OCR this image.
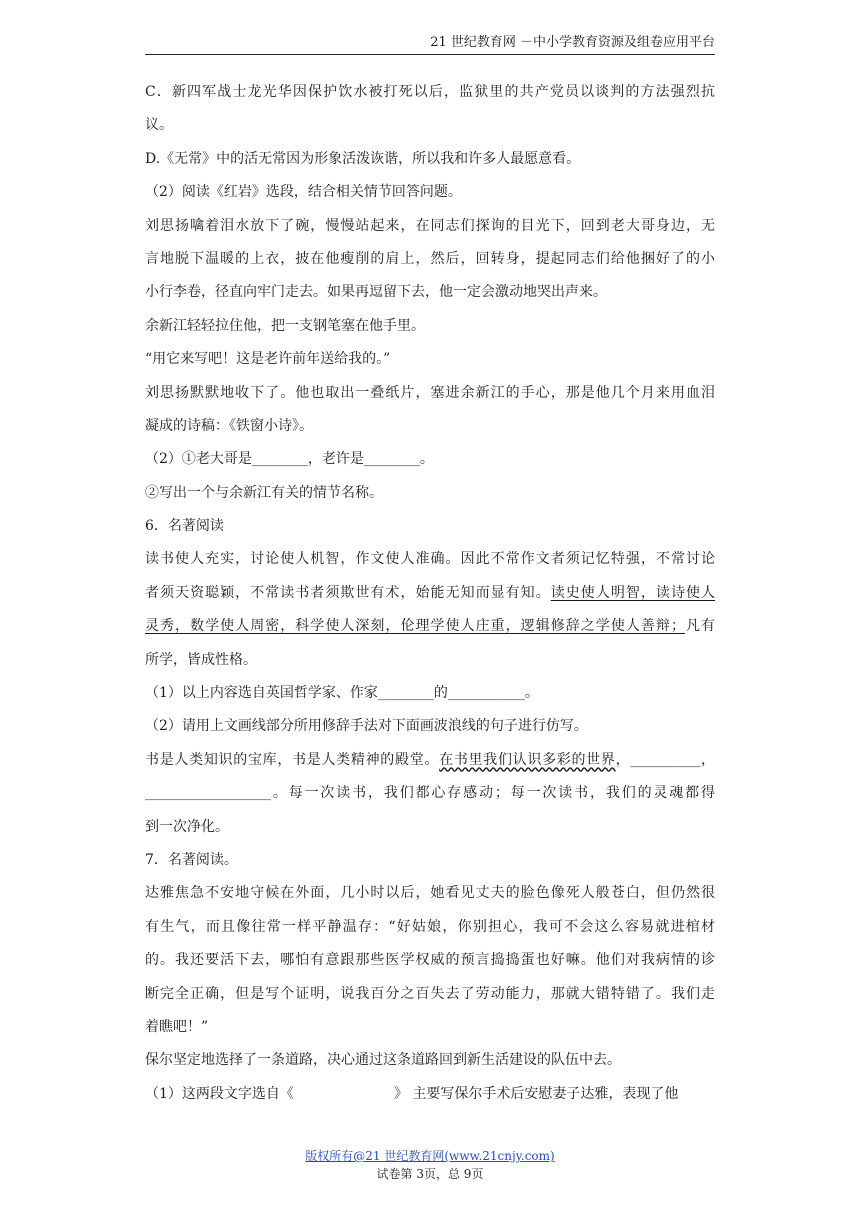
21 世纪教育网 －中小学教育资源及组卷应用平台
C．新四军战士龙光华因保护饮水被打死以后，监狱里的共产党员以谈判的方法强烈抗
议。
D.《无常》中的活无常因为形象活泼诙谐，所以我和许多人最愿意看。
（2）阅读《红岩》选段，结合相关情节回答问题。
刘思扬噙着泪水放下了碗，慢慢站起来，在同志们探询的目光下，回到老大哥身边，无
言地脱下温暖的上衣，披在他瘦削的肩上，然后，回转身，提起同志们给他捆好了的小
小行李卷，径直向牢门走去。如果再逗留下去，他一定会激动地哭出声来。
余新江轻轻拉住他，把一支钢笔塞在他手里。
“用它来写吧！这是老许前年送给我的。”
刘思扬默默地收下了。他也取出一叠纸片，塞进余新江的手心，那是他几个月来用血泪
凝成的诗稿：《铁窗小诗》。
（2）①老大哥是________，老许是________。
②写出一个与余新江有关的情节名称。
6．名著阅读
读书使人充实，讨论使人机智，作文使人准确。因此不常作文者须记忆特强，不常讨论
者须天资聪颖，不常读书者须欺世有术，始能无知而显有知。读史使人明智，读诗使人
灵秀，数学使人周密，科学使人深刻，伦理学使人庄重，逻辑修辞之学使人善辩；凡有
所学，皆成性格。
（1）以上内容选自英国哲学家、作家________的___________。
（2）请用上文画线部分所用修辞手法对下面画波浪线的句子进行仿写。
书是人类知识的宝库，书是人类精神的殿堂。在书里我们认识多彩的世界，__________，
__________________。每一次读书，我们都心存感动；每一次读书，我们的灵魂都得
到一次净化。
7．名著阅读。
达雅焦急不安地守候在外面，几小时以后，她看见丈夫的脸色像死人般苍白，但仍然很
有生气，而且像往常一样平静温存：“好姑娘，你别担心，我可不会这么容易就进棺材
的。我还要活下去，哪怕有意跟那些医学权威的预言捣捣蛋也好嘛。他们对我病情的诊
断完全正确，但是写个证明，说我百分之百失去了劳动能力，那就大错特错了。我们走
着瞧吧！”
保尔坚定地选择了一条道路，决心通过这条道路回到新生活建设的队伍中去。
（1）这两段文字选自《	》 主要写保尔手术后安慰妻子达雅，表现了他
版权所有@21 世纪教育网(www.21cnjy.com)
试卷第 3页，总 9页
